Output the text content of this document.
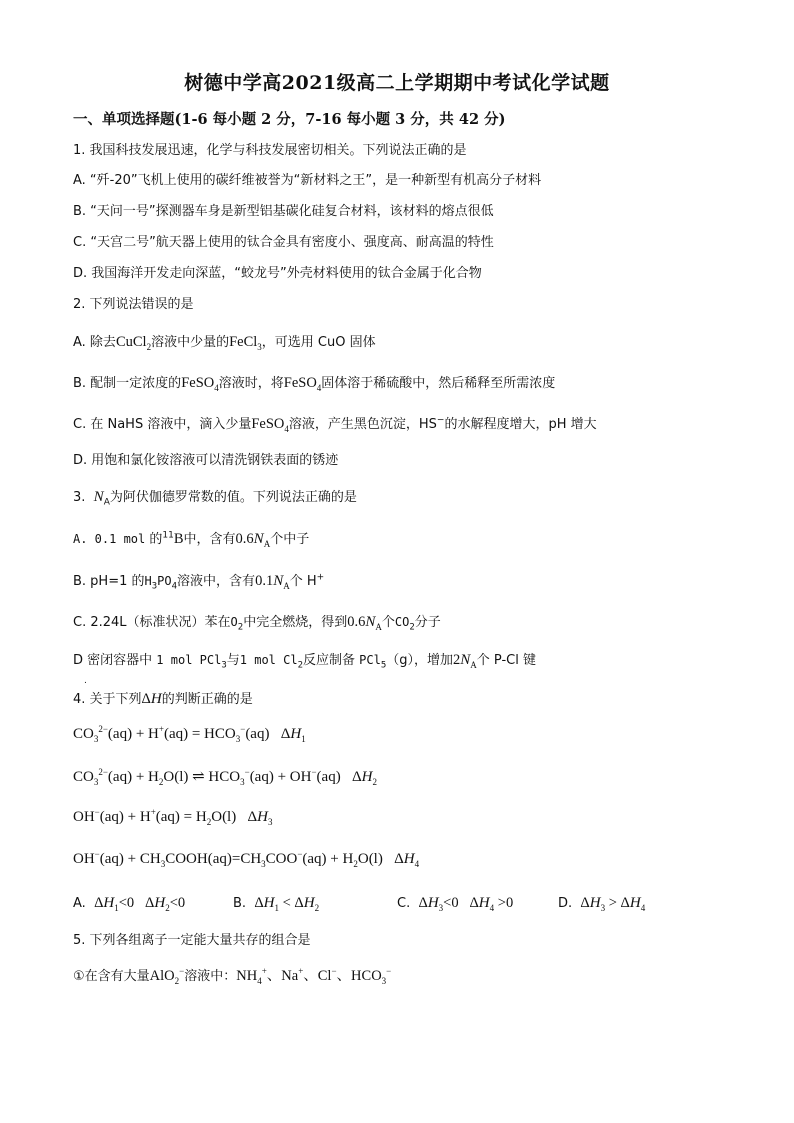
树德中学高2021级高二上学期期中考试化学试题
一、单项选择题(1-6 每小题 2 分，7-16 每小题 3 分，共 42 分)
1. 我国科技发展迅速，化学与科技发展密切相关。下列说法正确的是
A. “歼-20”飞机上使用的碳纤维被誉为“新材料之王”，是一种新型有机高分子材料
B. “天问一号”探测器车身是新型铝基碳化硅复合材料，该材料的熔点很低
C. “天宫二号”航天器上使用的钛合金具有密度小、强度高、耐高温的特性
D. 我国海洋开发走向深蓝，“蛟龙号”外壳材料使用的钛合金属于化合物
2. 下列说法错误的是
A. 除去CuCl$_2$溶液中少量的FeCl$_3$，可选用 CuO 固体
B. 配制一定浓度的FeSO$_4$溶液时，将FeSO$_4$固体溶于稀硫酸中，然后稀释至所需浓度
C. 在 NaHS 溶液中，滴入少量FeSO$_4$溶液，产生黑色沉淀，HS−的水解程度增大，pH 增大
D. 用饱和氯化铵溶液可以清洗钢铁表面的锈迹
3.  $N_A$为阿伏伽德罗常数的值。下列说法正确的是
A. 0.1 mol 的$^{11}$B中，含有$0.6N_A$个中子
B. pH=1 的$H_3PO_4$溶液中，含有$0.1N_A$个 H+
C. 2.24L（标准状况）苯在$O_2$中完全燃烧，得到$0.6N_A$个$CO_2$分子
D 密闭容器中 1 mol PCl$_3$与1 mol $Cl_2$反应制备 PCl$_5$（g），增加$2N_A$个 P-Cl 键
.
4. 关于下列ΔH的判断正确的是
$CO_3^{2-}(aq) + H^+(aq) = HCO_3^-(aq)$   $\Delta H_1$
$CO_3^{2-}(aq) + H_2O(l)$ ⇌ $HCO_3^-(aq) + OH^-(aq)$   $\Delta H_2$
$OH^-(aq) + H^+(aq) = H_2O(l)$   $\Delta H_3$
$OH^-(aq) + CH_3COOH(aq)=CH_3COO^-(aq) + H_2O(l)$   $\Delta H_4$
A. $\Delta H_1<0$   $\Delta H_2<0$	B. $\Delta H_1 < \Delta H_2$	C. $\Delta H_3<0$   $\Delta H_4 >0$	D. $\Delta H_3 > \Delta H_4$
5. 下列各组离子一定能大量共存的组合是
①在含有大量AlO$_2$−溶液中：$NH_4^+$、Na+、Cl−、$HCO_3^-$
